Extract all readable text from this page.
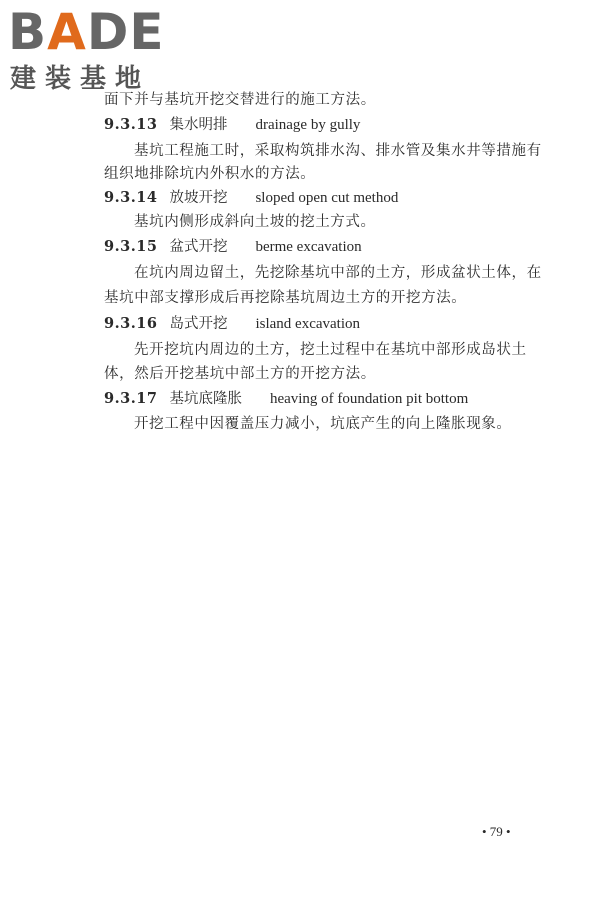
BADE
建装基地
面下并与基坑开挖交替进行的施工方法。
9.3.13 集水明排 drainage by gully
基坑工程施工时，采取构筑排水沟、排水管及集水井等措施有
组织地排除坑内外积水的方法。
9.3.14 放坡开挖 sloped open cut method
基坑内侧形成斜向土坡的挖土方式。
9.3.15 盆式开挖 berme excavation
在坑内周边留土，先挖除基坑中部的土方，形成盆状土体，在
基坑中部支撑形成后再挖除基坑周边土方的开挖方法。
9.3.16 岛式开挖 island excavation
先开挖坑内周边的土方，挖土过程中在基坑中部形成岛状土
体，然后开挖基坑中部土方的开挖方法。
9.3.17 基坑底隆胀 heaving of foundation pit bottom
开挖工程中因覆盖压力减小，坑底产生的向上隆胀现象。
• 79 •
